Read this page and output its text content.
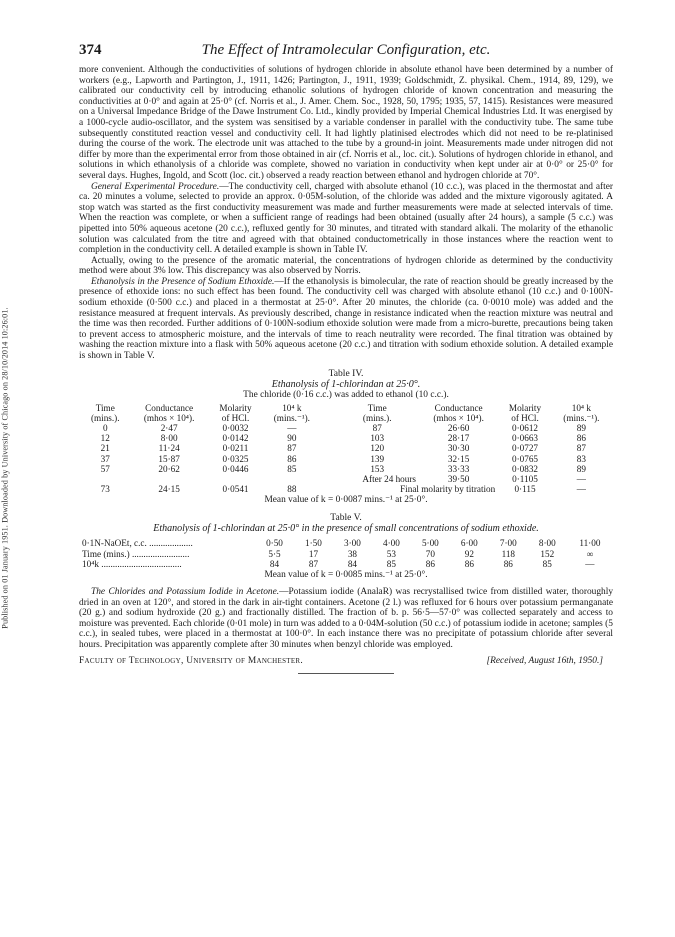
Published on 01 January 1951. Downloaded by University of Chicago on 28/10/2014 10:26:01.
374	The Effect of Intramolecular Configuration, etc.

more convenient. Although the conductivities of solutions of hydrogen chloride in absolute ethanol have been determined by a number of workers (e.g., Lapworth and Partington, J., 1911, 1426; Partington, J., 1911, 1939; Goldschmidt, Z. physikal. Chem., 1914, 89, 129), we calibrated our conductivity cell by introducing ethanolic solutions of hydrogen chloride of known concentration and measuring the conductivities at 0·0° and again at 25·0° (cf. Norris et al., J. Amer. Chem. Soc., 1928, 50, 1795; 1935, 57, 1415). Resistances were measured on a Universal Impedance Bridge of the Dawe Instrument Co. Ltd., kindly provided by Imperial Chemical Industries Ltd. It was energised by a 1000-cycle audio-oscillator, and the system was sensitised by a variable condenser in parallel with the conductivity tube. The same tube subsequently constituted reaction vessel and conductivity cell. It had lightly platinised electrodes which did not need to be re-platinised during the course of the work. The electrode unit was attached to the tube by a ground-in joint. Measurements made under nitrogen did not differ by more than the experimental error from those obtained in air (cf. Norris et al., loc. cit.). Solutions of hydrogen chloride in ethanol, and solutions in which ethanolysis of a chloride was complete, showed no variation in conductivity when kept under air at 0·0° or 25·0° for several days. Hughes, Ingold, and Scott (loc. cit.) observed a ready reaction between ethanol and hydrogen chloride at 70°.

General Experimental Procedure.—The conductivity cell, charged with absolute ethanol (10 c.c.), was placed in the thermostat and after ca. 20 minutes a volume, selected to provide an approx. 0·05M-solution, of the chloride was added and the mixture vigorously agitated. A stop watch was started as the first conductivity measurement was made and further measurements were made at selected intervals of time. When the reaction was complete, or when a sufficient range of readings had been obtained (usually after 24 hours), a sample (5 c.c.) was pipetted into 50% aqueous acetone (20 c.c.), refluxed gently for 30 minutes, and titrated with standard alkali. The molarity of the ethanolic solution was calculated from the titre and agreed with that obtained conductometrically in those instances where the reaction went to completion in the conductivity cell. A detailed example is shown in Table IV.

Actually, owing to the presence of the aromatic material, the concentrations of hydrogen chloride as determined by the conductivity method were about 3% low. This discrepancy was also observed by Norris.

Ethanolysis in the Presence of Sodium Ethoxide.—If the ethanolysis is bimolecular, the rate of reaction should be greatly increased by the presence of ethoxide ions: no such effect has been found. The conductivity cell was charged with absolute ethanol (10 c.c.) and 0·100N-sodium ethoxide (0·500 c.c.) and placed in a thermostat at 25·0°. After 20 minutes, the chloride (ca. 0·0010 mole) was added and the resistance measured at frequent intervals. As previously described, change in resistance indicated when the reaction mixture was neutral and the time was then recorded. Further additions of 0·100N-sodium ethoxide solution were made from a micro-burette, precautions being taken to prevent access to atmospheric moisture, and the intervals of time to reach neutrality were recorded. The final titration was obtained by washing the reaction mixture into a flask with 50% aqueous acetone (20 c.c.) and titration with sodium ethoxide solution. A detailed example is shown in Table V.

Table IV.
Ethanolysis of 1-chlorindan at 25·0°.
The chloride (0·16 c.c.) was added to ethanol (10 c.c.).
Time	Conductance	Molarity	10⁴ k		Time	Conductance	Molarity	10⁴ k
(mins.).	(mhos × 10⁴).	of HCl.	(mins.⁻¹).		(mins.).	(mhos × 10⁴).	of HCl.	(mins.⁻¹).
0	2·47	0·0032	—		87	26·60	0·0612	89
12	8·00	0·0142	90		103	28·17	0·0663	86
21	11·24	0·0211	87		120	30·30	0·0727	87
37	15·87	0·0325	86		139	32·15	0·0765	83
57	20·62	0·0446	85		153	33·33	0·0832	89
					After 24 hours	39·50	0·1105	—
73	24·15	0·0541	88		Final molarity by titration		0·115	—
Mean value of k = 0·0087 mins.⁻¹ at 25·0°.
Table V.
Ethanolysis of 1-chlorindan at 25·0° in the presence of small concentrations of sodium ethoxide.
0·1N-NaOEt, c.c. ...................	0·50	1·50	3·00	4·00	5·00	6·00	7·00	8·00	11·00
Time (mins.) .........................	5·5	17	38	53	70	92	118	152	∞
10⁴k ...................................	84	87	84	85	86	86	86	85	—
Mean value of k = 0·0085 mins.⁻¹ at 25·0°.

The Chlorides and Potassium Iodide in Acetone.—Potassium iodide (AnalaR) was recrystallised twice from distilled water, thoroughly dried in an oven at 120°, and stored in the dark in air-tight containers. Acetone (2 l.) was refluxed for 6 hours over potassium permanganate (20 g.) and sodium hydroxide (20 g.) and fractionally distilled. The fraction of b. p. 56·5—57·0° was collected separately and access to moisture was prevented. Each chloride (0·01 mole) in turn was added to a 0·04M-solution (50 c.c.) of potassium iodide in acetone; samples (5 c.c.), in sealed tubes, were placed in a thermostat at 100·0°. In each instance there was no precipitate of potassium chloride after several hours. Precipitation was apparently complete after 30 minutes when benzyl chloride was employed.

Faculty of Technology, University of Manchester.	[Received, August 16th, 1950.]
